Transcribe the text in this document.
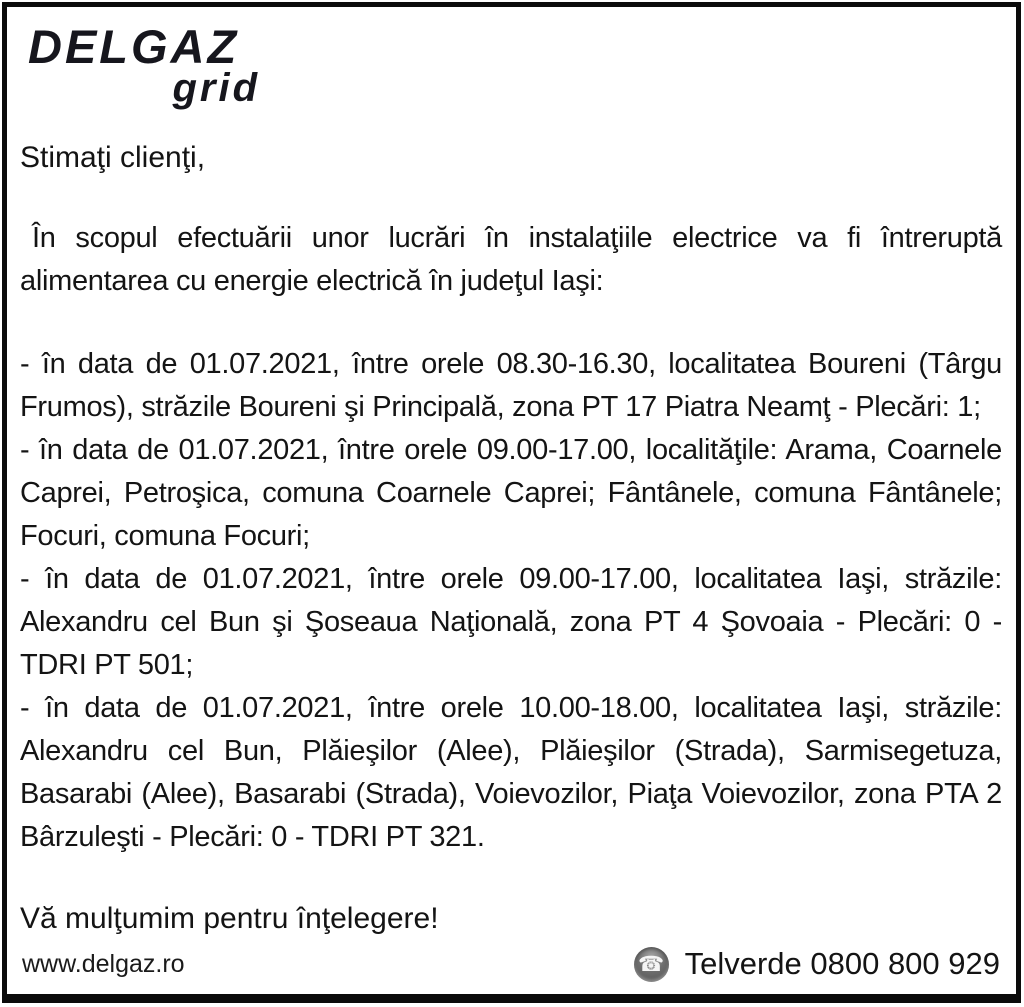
DELGAZ
grid

Stimaţi clienţi,

În scopul efectuării unor lucrări în instalaţiile electrice va fi întreruptă alimentarea cu energie electrică în judeţul Iaşi:

- în data de 01.07.2021, între orele 08.30-16.30, localitatea Boureni (Târgu Frumos), străzile Boureni şi Principală, zona PT 17 Piatra Neamţ - Plecări: 1;

- în data de 01.07.2021, între orele 09.00-17.00, localităţile: Arama, Coarnele Caprei, Petroşica, comuna Coarnele Caprei; Fântânele, comuna Fântânele; Focuri, comuna Focuri;

- în data de 01.07.2021, între orele 09.00-17.00, localitatea Iaşi, străzile: Alexandru cel Bun şi Şoseaua Naţională, zona PT 4 Şovoaia - Plecări: 0 - TDRI PT 501;

- în data de 01.07.2021, între orele 10.00-18.00, localitatea Iaşi, străzile: Alexandru cel Bun, Plăieşilor (Alee), Plăieşilor (Strada), Sarmisegetuza, Basarabi (Alee), Basarabi (Strada), Voievozilor, Piaţa Voievozilor, zona PTA 2 Bârzuleşti - Plecări: 0 - TDRI PT 321.

Vă mulţumim pentru înţelegere!

www.delgaz.ro	☎ Telverde 0800 800 929
